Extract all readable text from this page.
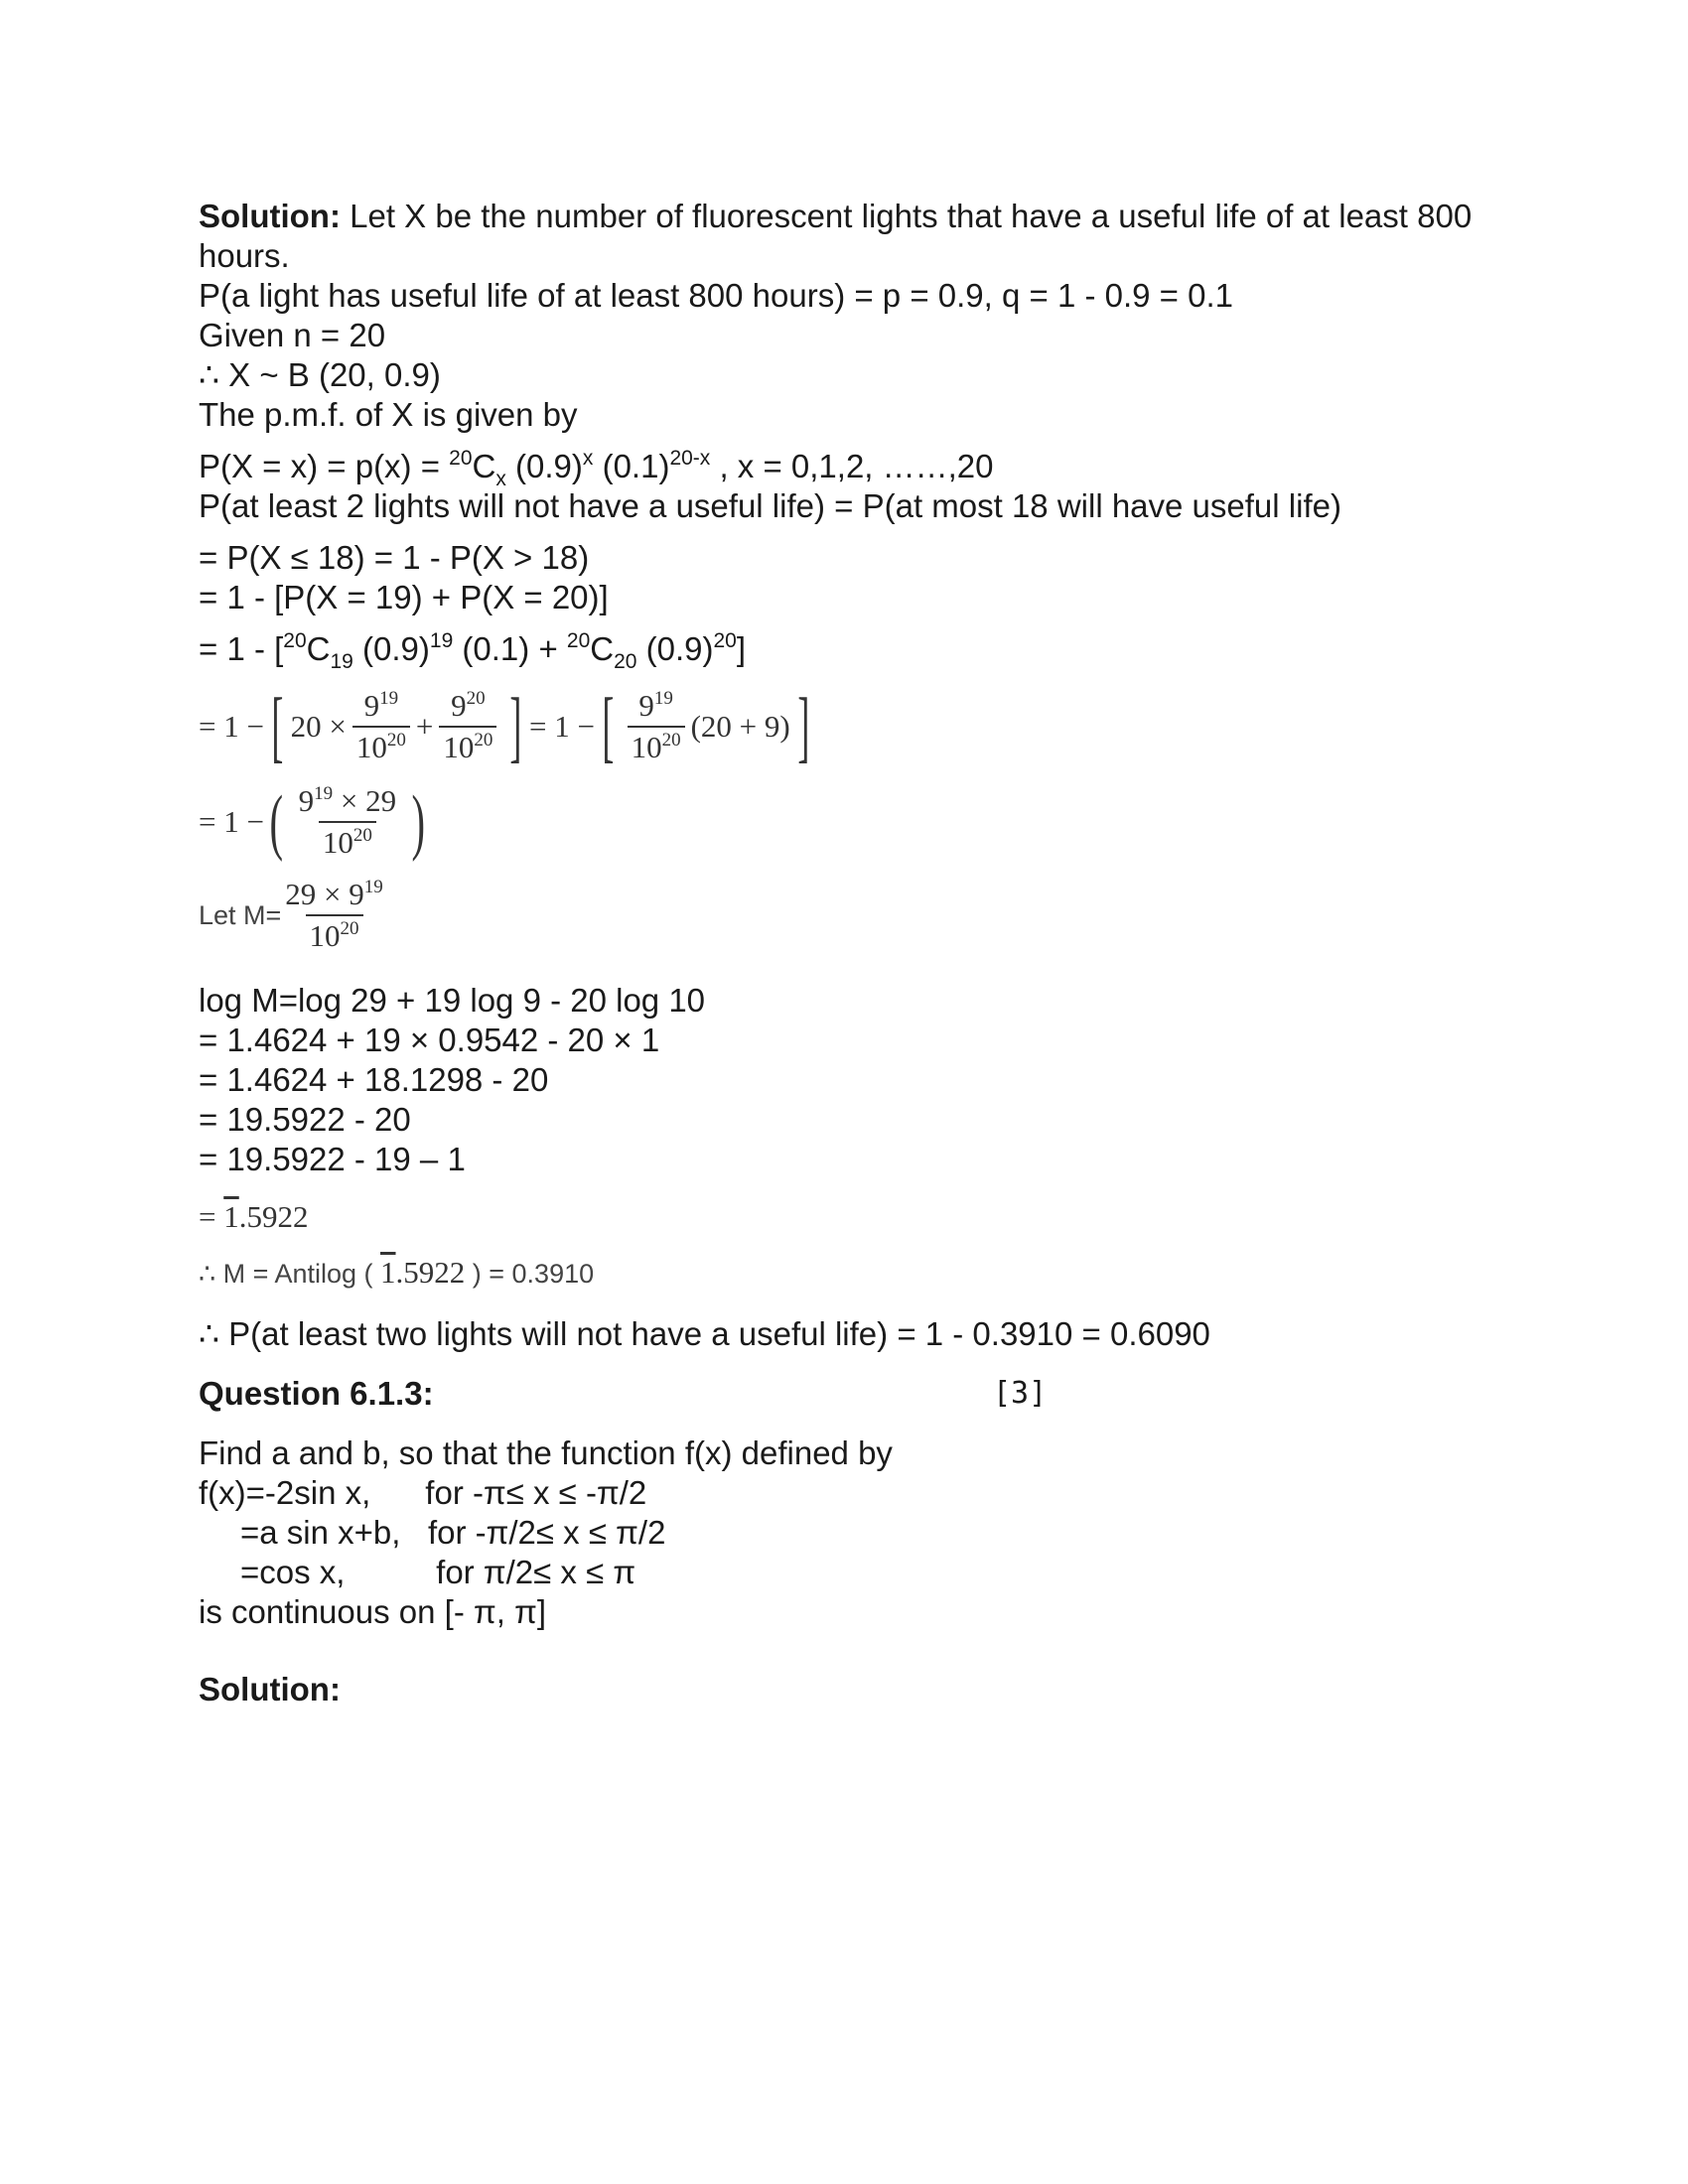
Solution: Let X be the number of fluorescent lights that have a useful life of at least 800
hours.
P(a light has useful life of at least 800 hours) = p = 0.9, q = 1 - 0.9 = 0.1
Given n = 20
∴ X ~ B (20, 0.9)
The p.m.f. of X is given by
$P(X = x) = p(x) = ^{20}C_x$ $(0.9)^x$ $(0.1)^{20-x}$ , x = 0,1,2, ……,20
P(at least 2 lights will not have a useful life) = P(at most 18 will have useful life)
= P(X ≤ 18) = 1 - P(X > 18)
= 1 - [P(X = 19) + P(X = 20)]
= $1 - [^{20}C_{19}$ $(0.9)^{19}$ $(0.1) + ^{20}C_{20}$ $(0.9)^{20}$]
= 1 − [ $20 \times \frac{9^{19}}{10^{20}} + \frac{9^{20}}{10^{20}}$ ] = 1 − [ $\frac{9^{19}}{10^{20}} (20 + 9)$ ]
= 1 − ( $\frac{9^{19} \times 29}{10^{20}}$ )
Let $M= \frac{29 \times 9^{19}}{10^{20}}$
log M=log 29 + 19 log 9 - 20 log 10
= 1.4624 + 19 × 0.9542 - 20 × 1
= 1.4624 + 18.1298 - 20
= 19.5922 - 20
= 19.5922 - 19 – 1
= 1.5922
∴ M = Antilog ( 1.5922 ) = 0.3910
∴ P(at least two lights will not have a useful life) = 1 - 0.3910 = 0.6090
Question 6.1.3:	[3]
Find a and b, so that the function f(x) defined by
f(x)=-2sin x,      for -π≤ x ≤ -π/2
=a sin x+b,   for -π/2≤ x ≤ π/2
=cos x,          for π/2≤ x ≤ π
is continuous on [- π, π]
Solution:
